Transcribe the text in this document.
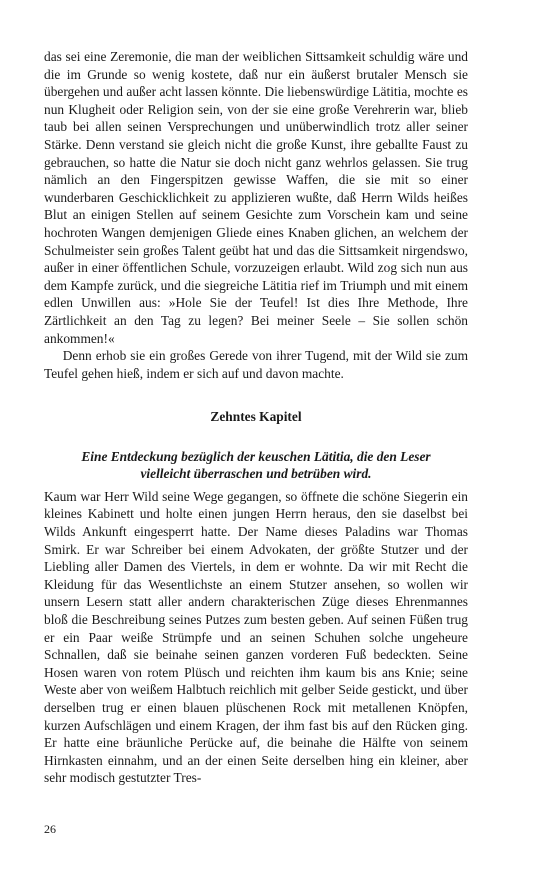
das sei eine Zeremonie, die man der weiblichen Sittsamkeit schuldig wäre und die im Grunde so wenig kostete, daß nur ein äußerst brutaler Mensch sie übergehen und außer acht lassen könnte. Die liebenswürdige Lätitia, mochte es nun Klugheit oder Religion sein, von der sie eine große Verehrerin war, blieb taub bei allen seinen Versprechungen und unüberwindlich trotz aller seiner Stärke. Denn verstand sie gleich nicht die große Kunst, ihre geballte Faust zu gebrauchen, so hatte die Natur sie doch nicht ganz wehrlos gelassen. Sie trug nämlich an den Fingerspitzen gewisse Waffen, die sie mit so einer wunderbaren Geschicklichkeit zu applizieren wußte, daß Herrn Wilds heißes Blut an einigen Stellen auf seinem Gesichte zum Vorschein kam und seine hochroten Wangen demjenigen Gliede eines Knaben glichen, an welchem der Schulmeister sein großes Talent geübt hat und das die Sittsamkeit nirgendswo, außer in einer öffentlichen Schule, vorzuzeigen erlaubt. Wild zog sich nun aus dem Kampfe zurück, und die siegreiche Lätitia rief im Triumph und mit einem edlen Unwillen aus: »Hole Sie der Teufel! Ist dies Ihre Methode, Ihre Zärtlichkeit an den Tag zu legen? Bei meiner Seele – Sie sollen schön ankommen!«

Denn erhob sie ein großes Gerede von ihrer Tugend, mit der Wild sie zum Teufel gehen hieß, indem er sich auf und davon machte.

Zehntes Kapitel

Eine Entdeckung bezüglich der keuschen Lätitia, die den Leser
vielleicht überraschen und betrüben wird.

Kaum war Herr Wild seine Wege gegangen, so öffnete die schöne Siegerin ein kleines Kabinett und holte einen jungen Herrn heraus, den sie daselbst bei Wilds Ankunft eingesperrt hatte. Der Name dieses Paladins war Thomas Smirk. Er war Schreiber bei einem Advokaten, der größte Stutzer und der Liebling aller Damen des Viertels, in dem er wohnte. Da wir mit Recht die Kleidung für das Wesentlichste an einem Stutzer ansehen, so wollen wir unsern Lesern statt aller andern charakterischen Züge dieses Ehrenmannes bloß die Beschreibung seines Putzes zum besten geben. Auf seinen Füßen trug er ein Paar weiße Strümpfe und an seinen Schuhen solche ungeheure Schnallen, daß sie beinahe seinen ganzen vorderen Fuß bedeckten. Seine Hosen waren von rotem Plüsch und reichten ihm kaum bis ans Knie; seine Weste aber von weißem Halbtuch reichlich mit gelber Seide gestickt, und über derselben trug er einen blauen plüschenen Rock mit metallenen Knöpfen, kurzen Aufschlägen und einem Kragen, der ihm fast bis auf den Rücken ging. Er hatte eine bräunliche Perücke auf, die beinahe die Hälfte von seinem Hirnkasten einnahm, und an der einen Seite derselben hing ein kleiner, aber sehr modisch gestutzter Tres-

26
